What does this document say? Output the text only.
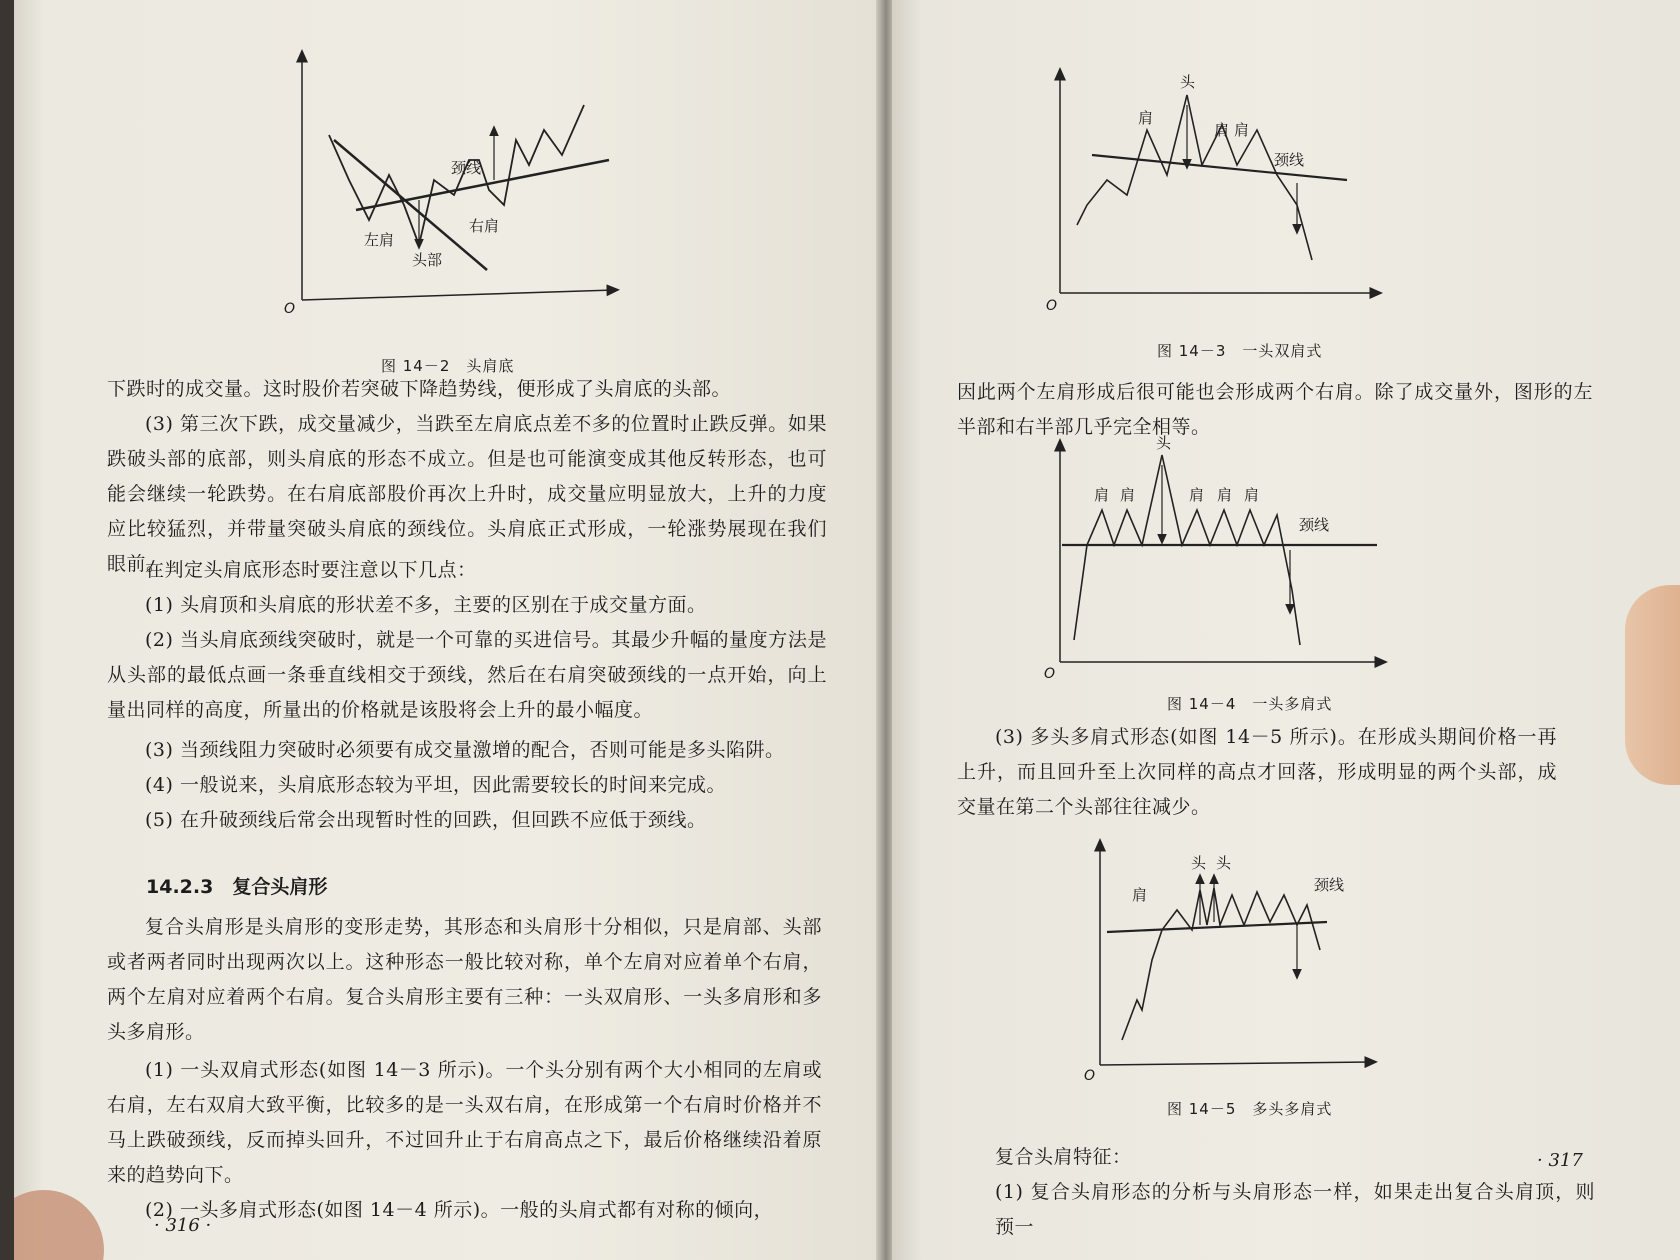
O
颈线
左肩
右肩
头部
图 14－2　头肩底

下跌时的成交量。这时股价若突破下降趋势线，便形成了头肩底的头部。

(3) 第三次下跌，成交量减少，当跌至左肩底点差不多的位置时止跌反弹。如果跌破头部的底部，则头肩底的形态不成立。但是也可能演变成其他反转形态，也可能会继续一轮跌势。在右肩底部股价再次上升时，成交量应明显放大，上升的力度应比较猛烈，并带量突破头肩底的颈线位。头肩底正式形成，一轮涨势展现在我们眼前。

在判定头肩底形态时要注意以下几点：

(1) 头肩顶和头肩底的形状差不多，主要的区别在于成交量方面。

(2) 当头肩底颈线突破时，就是一个可靠的买进信号。其最少升幅的量度方法是从头部的最低点画一条垂直线相交于颈线，然后在右肩突破颈线的一点开始，向上量出同样的高度，所量出的价格就是该股将会上升的最小幅度。

(3) 当颈线阻力突破时必须要有成交量激增的配合，否则可能是多头陷阱。

(4) 一般说来，头肩底形态较为平坦，因此需要较长的时间来完成。

(5) 在升破颈线后常会出现暂时性的回跌，但回跌不应低于颈线。

14.2.3　复合头肩形

复合头肩形是头肩形的变形走势，其形态和头肩形十分相似，只是肩部、头部或者两者同时出现两次以上。这种形态一般比较对称，单个左肩对应着单个右肩，两个左肩对应着两个右肩。复合头肩形主要有三种：一头双肩形、一头多肩形和多头多肩形。

(1) 一头双肩式形态(如图 14－3 所示)。一个头分别有两个大小相同的左肩或右肩，左右双肩大致平衡，比较多的是一头双右肩，在形成第一个右肩时价格并不马上跌破颈线，反而掉头回升，不过回升止于右肩高点之下，最后价格继续沿着原来的趋势向下。

(2) 一头多肩式形态(如图 14－4 所示)。一般的头肩式都有对称的倾向，

· 316 ·
O
头
肩
肩 肩
颈线
图 14－3　一头双肩式

因此两个左肩形成后很可能也会形成两个右肩。除了成交量外，图形的左半部和右半部几乎完全相等。

O
头
肩 肩	肩 肩 肩
颈线
图 14－4　一头多肩式

(3) 多头多肩式形态(如图 14－5 所示)。在形成头期间价格一再上升，而且回升至上次同样的高点才回落，形成明显的两个头部，成交量在第二个头部往往减少。

O
头 头
肩
颈线
图 14－5　多头多肩式

复合头肩特征：

(1) 复合头肩形态的分析与头肩形态一样，如果走出复合头肩顶，则预一

· 317
